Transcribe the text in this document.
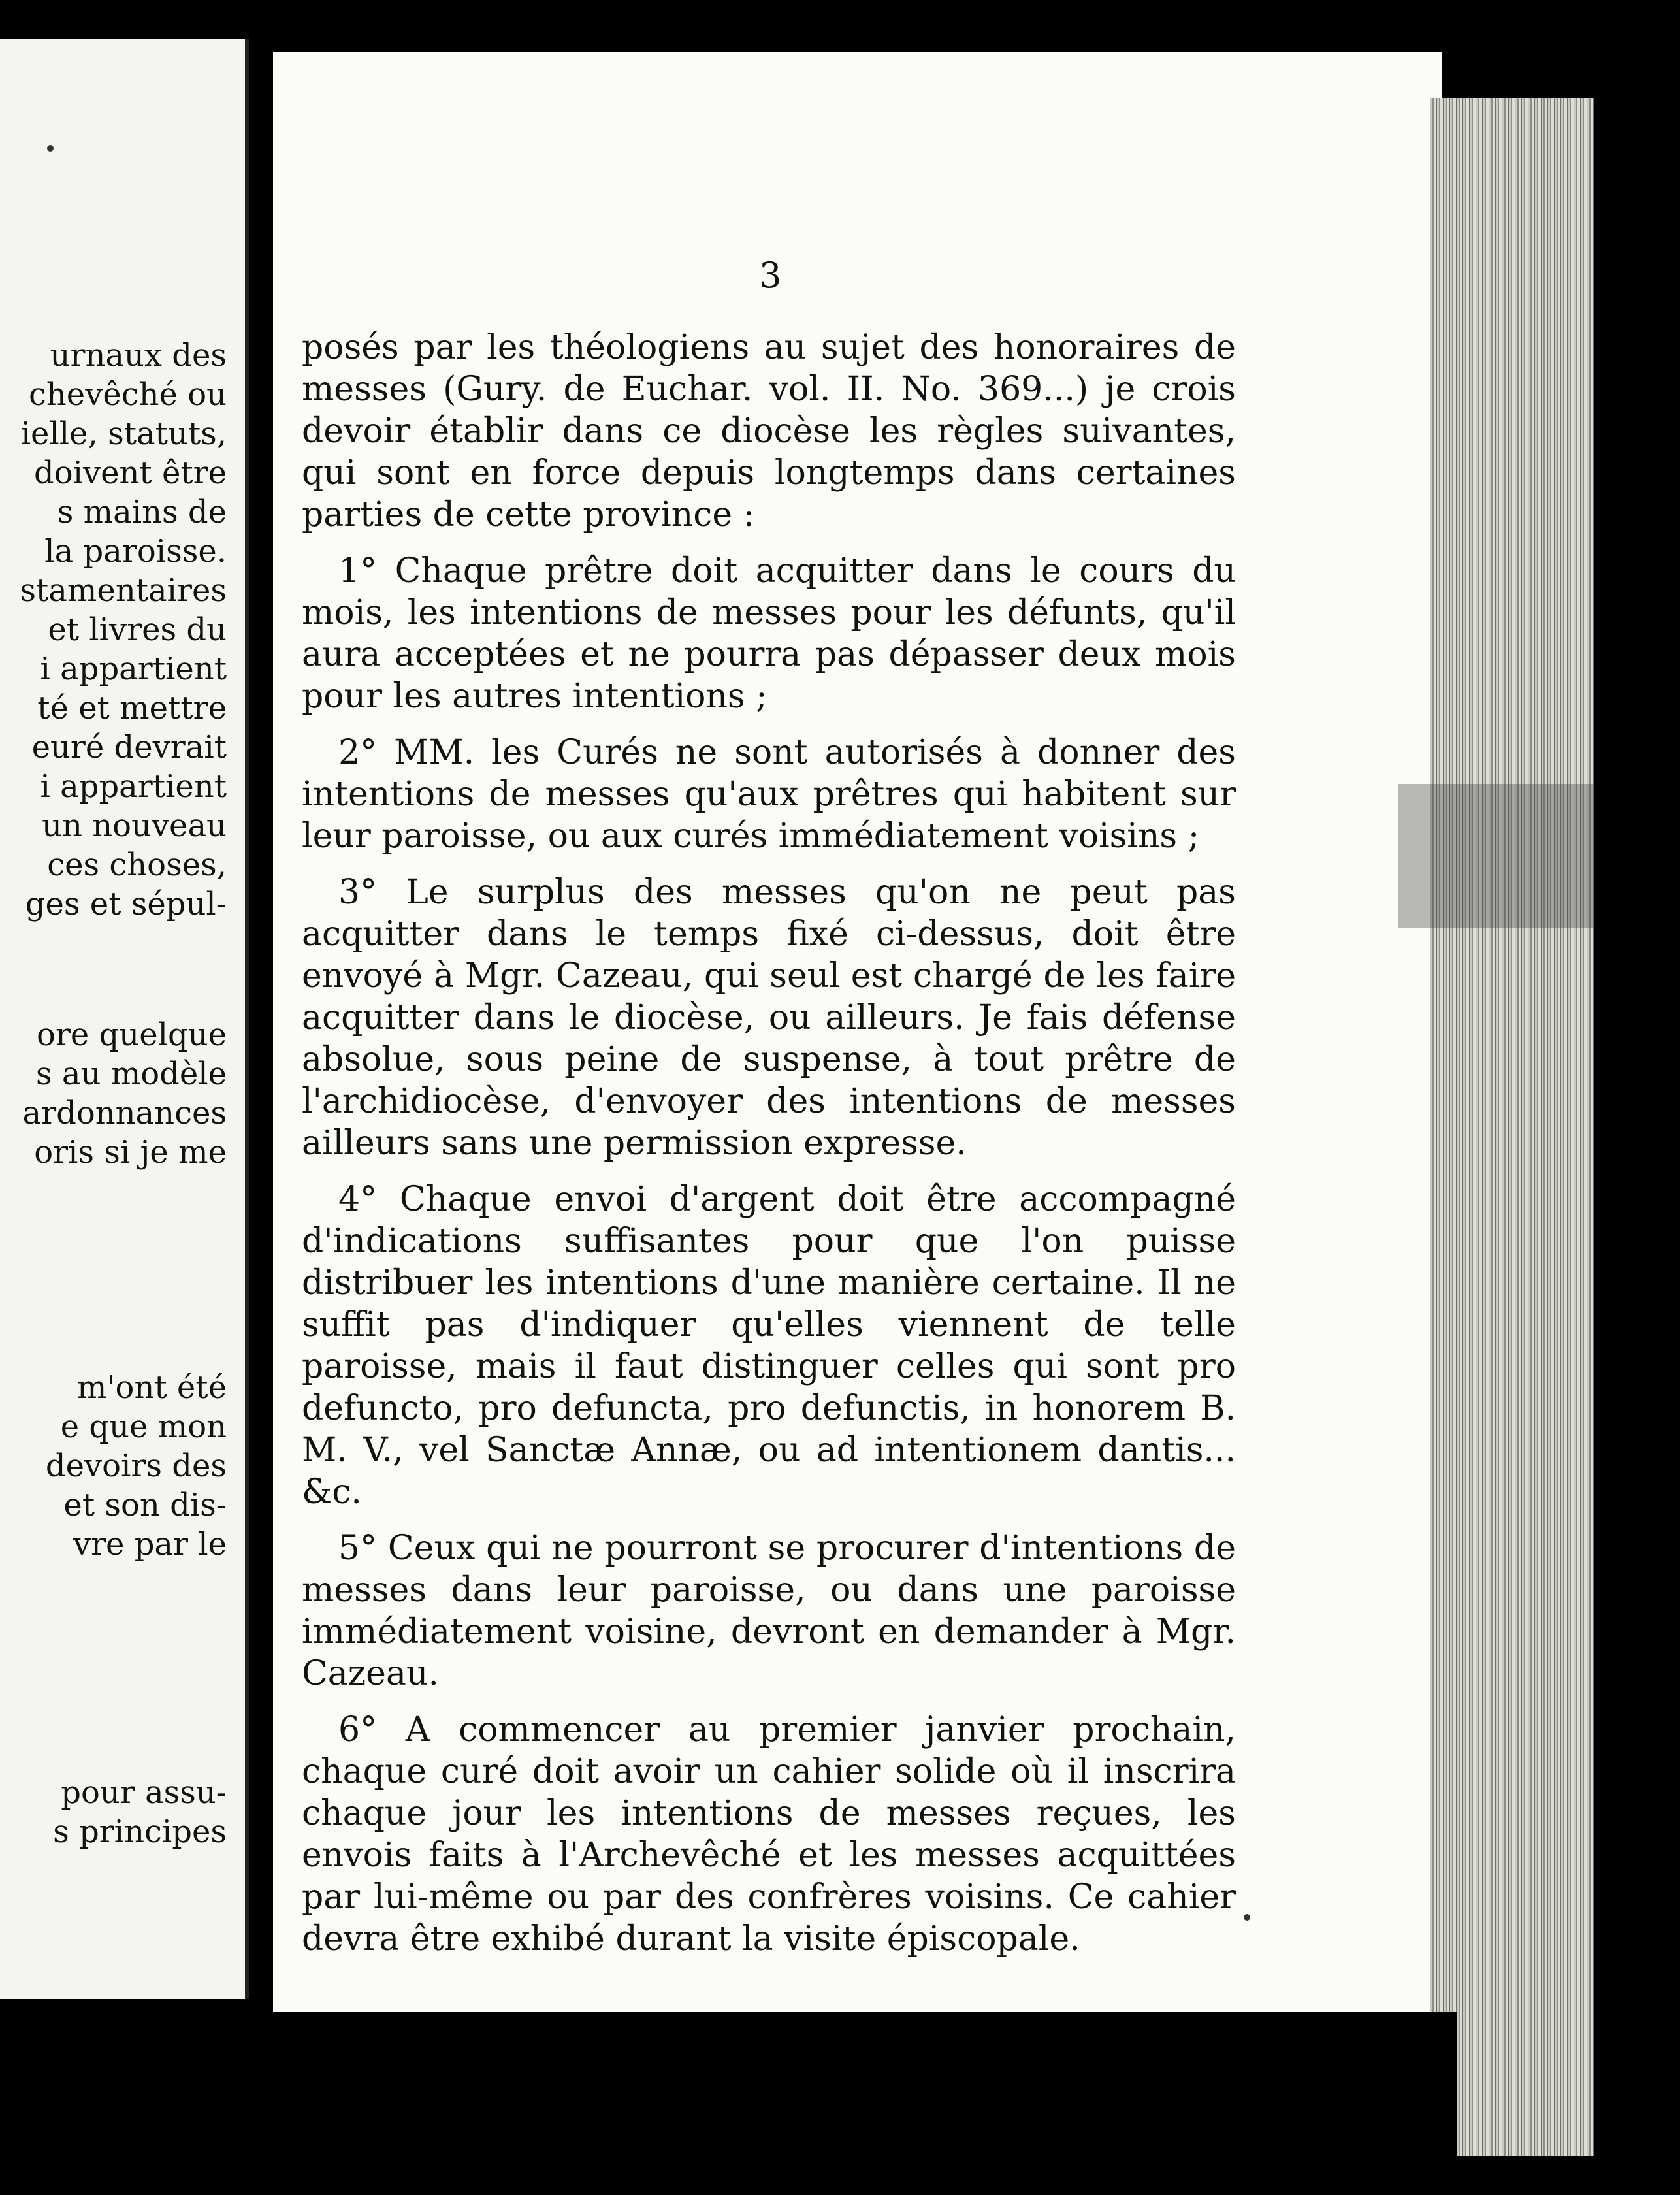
urnaux des
chevêché ou
ielle, statuts,
doivent être
s mains de
la paroisse.
stamentaires
et livres du
i appartient
té et mettre
euré devrait
i appartient
un nouveau
ces choses,
ges et sépul-
ore quelque
s au modèle
ardonnances
oris si je me
m'ont été
e que mon
devoirs des
et son dis-
vre par le
pour assu-
s principes
3

posés par les théologiens au sujet des honoraires de messes (Gury. de Euchar. vol. II. No. 369...) je crois devoir établir dans ce diocèse les règles suivantes, qui sont en force depuis longtemps dans certaines parties de cette province :

1° Chaque prêtre doit acquitter dans le cours du mois, les intentions de messes pour les défunts, qu'il aura acceptées et ne pourra pas dépasser deux mois pour les autres intentions ;

2° MM. les Curés ne sont autorisés à donner des intentions de messes qu'aux prêtres qui habitent sur leur paroisse, ou aux curés immédiatement voisins ;

3° Le surplus des messes qu'on ne peut pas acquitter dans le temps fixé ci-dessus, doit être envoyé à Mgr. Cazeau, qui seul est chargé de les faire acquitter dans le diocèse, ou ailleurs. Je fais défense absolue, sous peine de suspense, à tout prêtre de l'archidiocèse, d'envoyer des intentions de messes ailleurs sans une permission expresse.

4° Chaque envoi d'argent doit être accompagné d'indications suffisantes pour que l'on puisse distribuer les intentions d'une manière certaine. Il ne suffit pas d'indiquer qu'elles viennent de telle paroisse, mais il faut distinguer celles qui sont pro defuncto, pro defuncta, pro defunctis, in honorem B. M. V., vel Sanctæ Annæ, ou ad intentionem dantis... &c.

5° Ceux qui ne pourront se procurer d'intentions de messes dans leur paroisse, ou dans une paroisse immédiatement voisine, devront en demander à Mgr. Cazeau.

6° A commencer au premier janvier prochain, chaque curé doit avoir un cahier solide où il inscrira chaque jour les intentions de messes reçues, les envois faits à l'Archevêché et les messes acquittées par lui-même ou par des confrères voisins. Ce cahier devra être exhibé durant la visite épiscopale.
